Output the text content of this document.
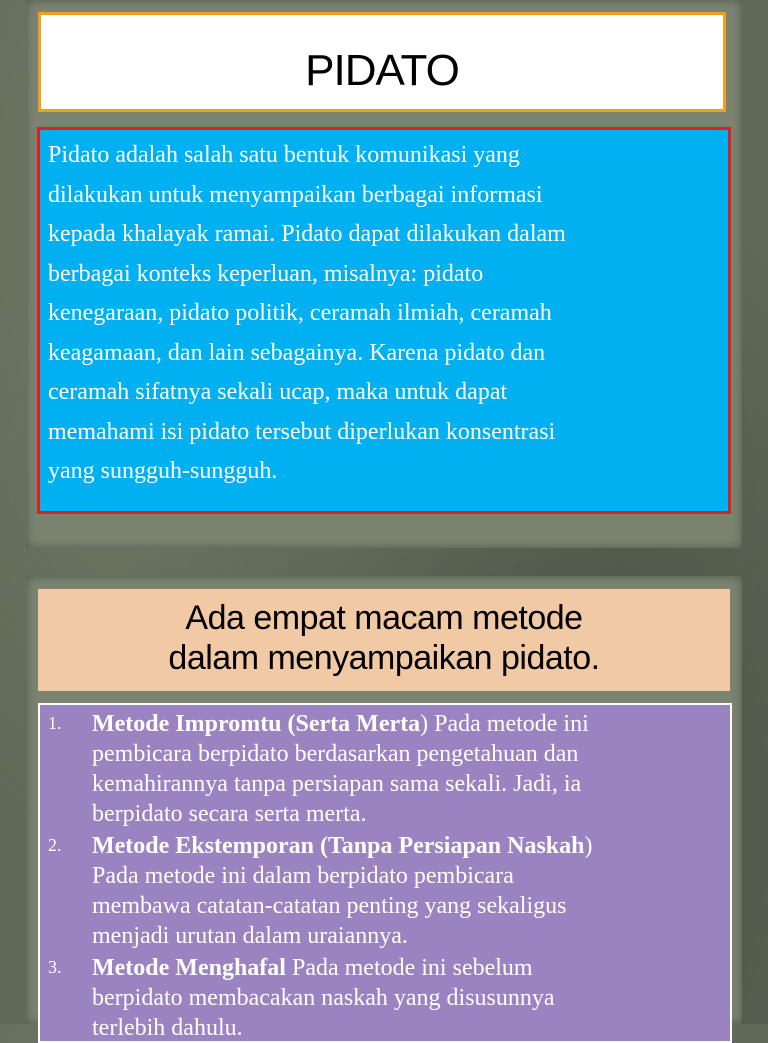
PIDATO

Pidato adalah salah satu bentuk komunikasi yang
dilakukan untuk menyampaikan berbagai informasi
kepada khalayak ramai. Pidato dapat dilakukan dalam
berbagai konteks keperluan, misalnya: pidato
kenegaraan, pidato politik, ceramah ilmiah, ceramah
keagamaan, dan lain sebagainya. Karena pidato dan
ceramah sifatnya sekali ucap, maka untuk dapat
memahami isi pidato tersebut diperlukan konsentrasi
yang sungguh-sungguh.

Ada empat macam metode
dalam menyampaikan pidato.
1.	Metode Impromtu (Serta Merta) Pada metode ini
pembicara berpidato berdasarkan pengetahuan dan
kemahirannya tanpa persiapan sama sekali. Jadi, ia
berpidato secara serta merta.
2.	Metode Ekstemporan (Tanpa Persiapan Naskah)
Pada metode ini dalam berpidato pembicara
membawa catatan-catatan penting yang sekaligus
menjadi urutan dalam uraiannya.
3.	Metode Menghafal Pada metode ini sebelum
berpidato membacakan naskah yang disusunnya
terlebih dahulu.
